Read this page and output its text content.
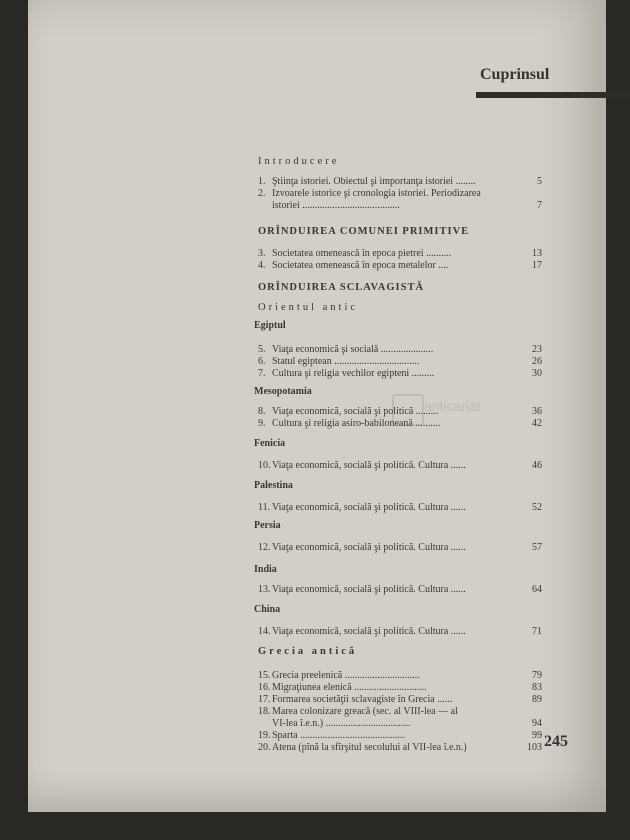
Cuprinsul
Introducere
1. Ştiinţa istoriei. Obiectul şi importanţa istoriei ........	5
2. Izvoarele istorice şi cronologia istoriei. Periodizarea
istoriei .......................................	7
ORÎNDUIREA COMUNEI PRIMITIVE
3. Societatea omenească în epoca pietrei ..........	13
4. Societatea omenească în epoca metalelor ....	17
ORÎNDUIREA SCLAVAGISTĂ
Orientul antic
Egiptul
5. Viaţa economică şi socială .....................	23
6. Statul egiptean ..................................	26
7. Cultura şi religia vechilor egipteni .........	30
Mesopotamia
8. Viaţa economică, socială şi politică .........	36
9. Cultura şi religia asiro-babiloneană ..........	42
Fenicia
10. Viaţa economică, socială şi politică. Cultura ......	46
Palestina
11. Viaţa economică, socială şi politică. Cultura ......	52
Persia
12. Viaţa economică, socială şi politică. Cultura ......	57
India
13. Viaţa economică, socială şi politică. Cultura ......	64
China
14. Viaţa economică, socială şi politică. Cultura ......	71
Grecia antică
15. Grecia preelenică ..............................	79
16. Migraţiunea elenică .............................	83
17. Formarea societăţii sclavagiste în Grecia ......	89
18. Marea colonizare greacă (sec. al VIII-lea — al
VI-lea î.e.n.) ..................................	94
19. Sparta ..........................................	99
20. Atena (pînă la sfîrşitul secolului al VII-lea î.e.n.)	103 245
anticariat
